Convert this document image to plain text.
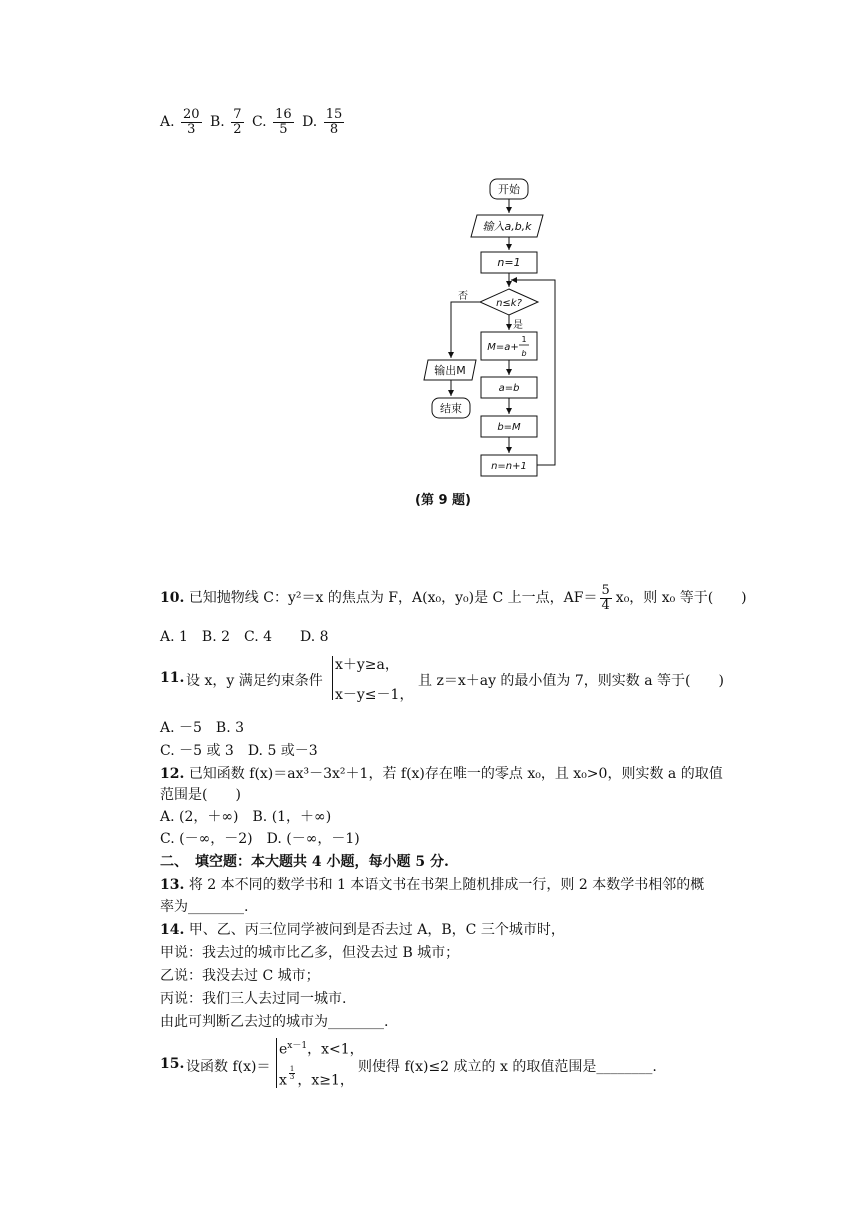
A. $\frac{20}{3} B$. $\frac{7}{2} C$. $\frac{16}{5} D$. $\frac{15}{8}$
开始
输入a,b,k
n=1
n≤k?
否
是
M=a+
1
b
a=b
b=M
n=n+1
输出M
结束
(第 9 题)
10. 已知抛物线 C：y²＝x 的焦点为 F，A(x₀，y₀)是 C 上一点，$AF= \frac{5}{4} x_0$，则 x₀ 等于(　　)
A. 1　B. 2　C. 4　　D. 8
11. 设 x，y 满足约束条件
x＋y≥a，
x－y≤－1，
且 z＝x＋ay 的最小值为 7，则实数 a 等于(　　)
A. －5　B. 3
C. －5 或 3　D. 5 或－3
12. 已知函数 f(x)＝ax³－3x²＋1，若 f(x)存在唯一的零点 x₀，且 x₀>0，则实数 a 的取值
范围是(　　)
A. (2，＋∞)　B. (1，＋∞)
C. (－∞，－2)　D. (－∞，－1)
二、　填空题：本大题共 4 小题，每小题 5 分.
13. 将 2 本不同的数学书和 1 本语文书在书架上随机排成一行，则 2 本数学书相邻的概
率为________.
14. 甲、乙、丙三位同学被问到是否去过 A，B，C 三个城市时，
甲说：我去过的城市比乙多，但没去过 B 城市；
乙说：我没去过 C 城市；
丙说：我们三人去过同一城市.
由此可判断乙去过的城市为________.
15. 设函数 f(x)＝
$e^{x-1}$，x<1，
x $\frac{1}{3}$ ，x≥1，
则使得 f(x)≤2 成立的 x 的取值范围是________.
